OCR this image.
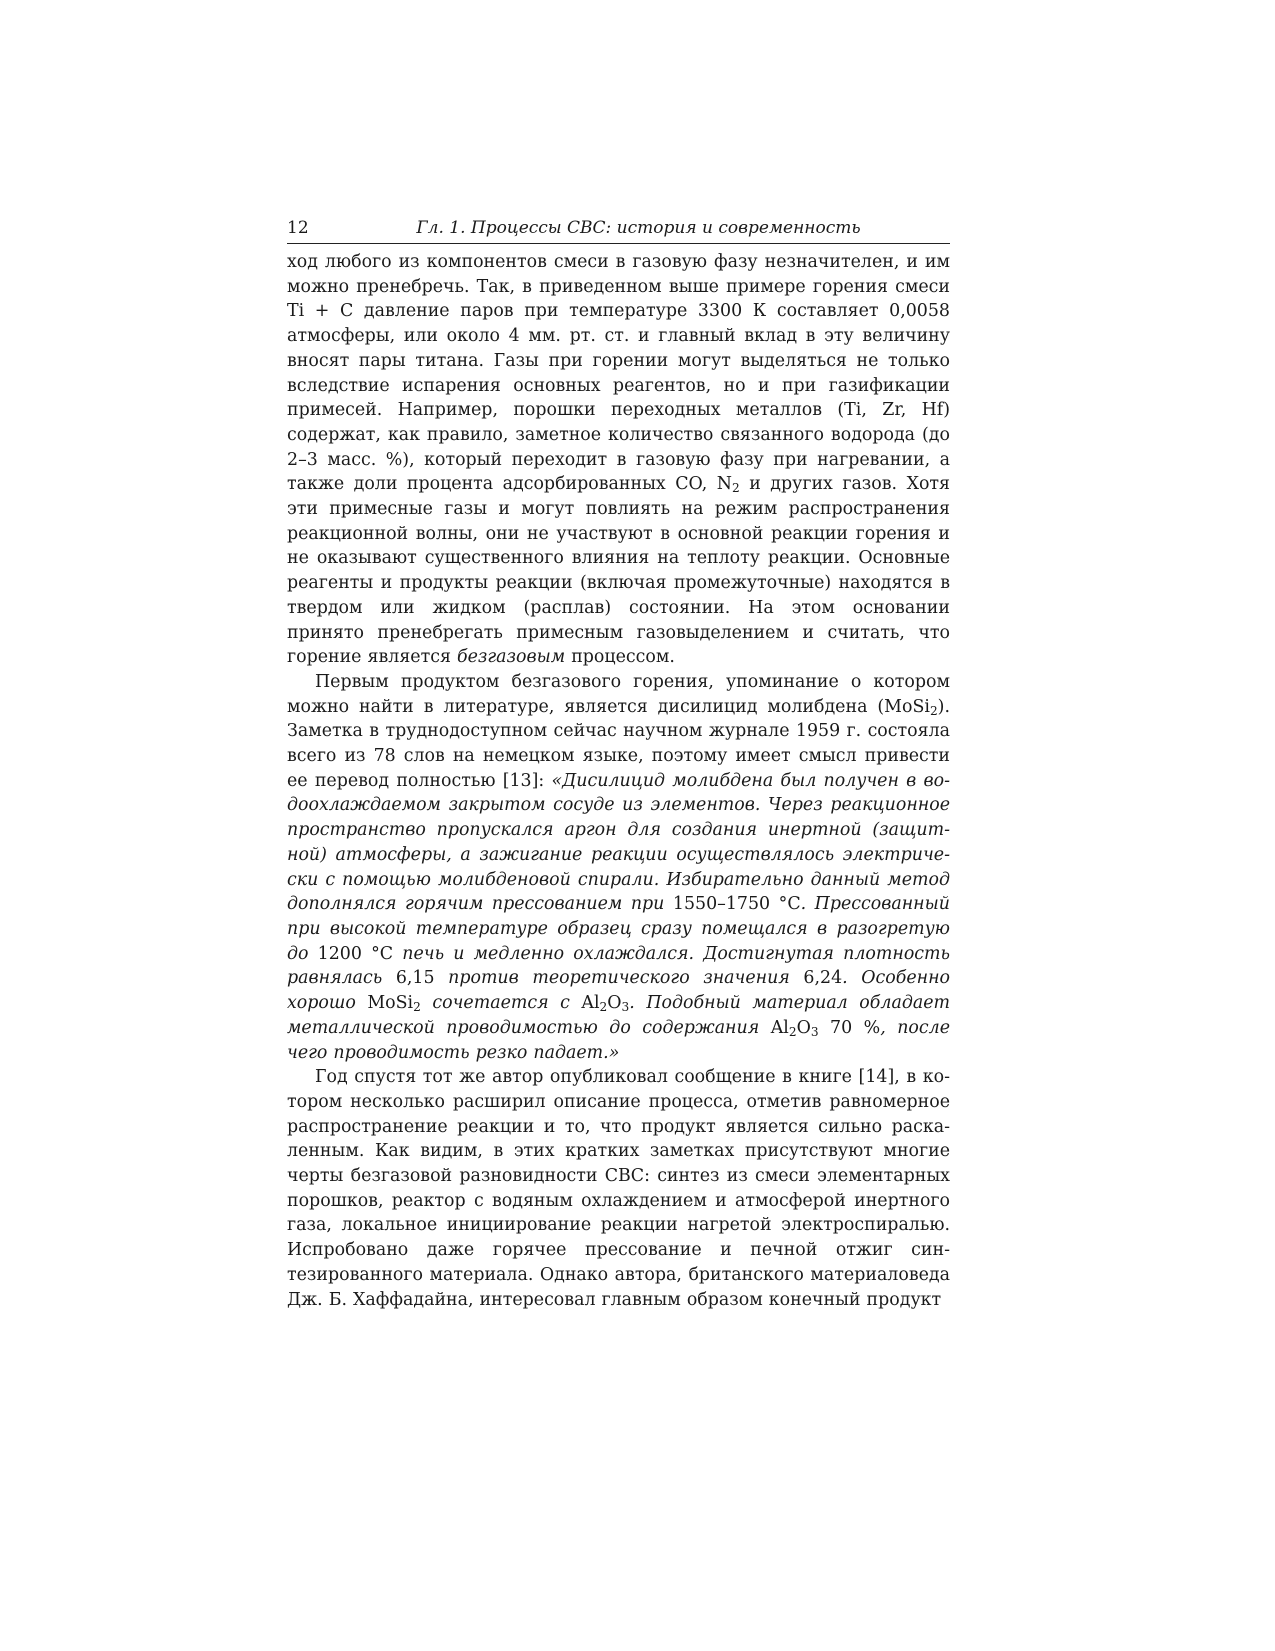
12	Гл. 1. Процессы СВС: история и современность

ход любого из компонентов смеси в газовую фазу незначителен, и им можно пренебречь. Так, в приведенном выше примере горения смеси Ti + C давление паров при температуре 3300 К составляет 0,0058 атмосферы, или около 4 мм. рт. ст. и главный вклад в эту величину вносят пары титана. Газы при горении могут выделяться не только вследствие испарения основных реагентов, но и при газификации примесей. Например, порошки переходных металлов (Ti, Zr, Hf) содержат, как правило, заметное количество связанного водорода (до 2–3 масс. %), который переходит в газовую фазу при нагревании, а также доли процента адсорбированных CO, $N_2$ и других газов. Хотя эти примесные газы и могут повлиять на режим распространения реакционной волны, они не участвуют в основной реакции горения и не оказывают существенного влияния на теплоту реакции. Основные реагенты и продукты реакции (включая промежуточные) находятся в твердом или жидком (расплав) состоянии. На этом основании принято пренебрегать примесным газовыделением и считать, что горение является безгазовым процессом.

Первым продуктом безгазового горения, упоминание о котором можно найти в литературе, является дисилицид молибдена (MoSi$_2$). Заметка в труднодоступном сейчас научном журнале 1959 г. состояла всего из 78 слов на немецком языке, поэтому имеет смысл привести ее перевод полностью [13]: «Дисилицид молибдена был получен в водоохлаждаемом закрытом сосуде из элементов. Через реакционное пространство пропускался аргон для создания инертной (защитной) атмосферы, а зажигание реакции осуществлялось электрически с помощью молибденовой спирали. Избирательно данный метод дополнялся горячим прессованием при 1550–1750 °C. Прессованный при высокой температуре образец сразу помещался в разогретую до 1200 °C печь и медленно охлаждался. Достигнутая плотность равнялась 6,15 против теоретического значения 6,24. Особенно хорошо MoSi$_2$ сочетается с $Al_2O_3$. Подобный материал обладает металлической проводимостью до содержания $Al_2O_3$ 70 %, после чего проводимость резко падает.»

Год спустя тот же автор опубликовал сообщение в книге [14], в котором несколько расширил описание процесса, отметив равномерное распространение реакции и то, что продукт является сильно раскаленным. Как видим, в этих кратких заметках присутствуют многие черты безгазовой разновидности СВС: синтез из смеси элементарных порошков, реактор с водяным охлаждением и атмосферой инертного газа, локальное инициирование реакции нагретой электроспиралью. Испробовано даже горячее прессование и печной отжиг синтезированного материала. Однако автора, британского материаловеда Дж. Б. Хаффадайна, интересовал главным образом конечный продукт
